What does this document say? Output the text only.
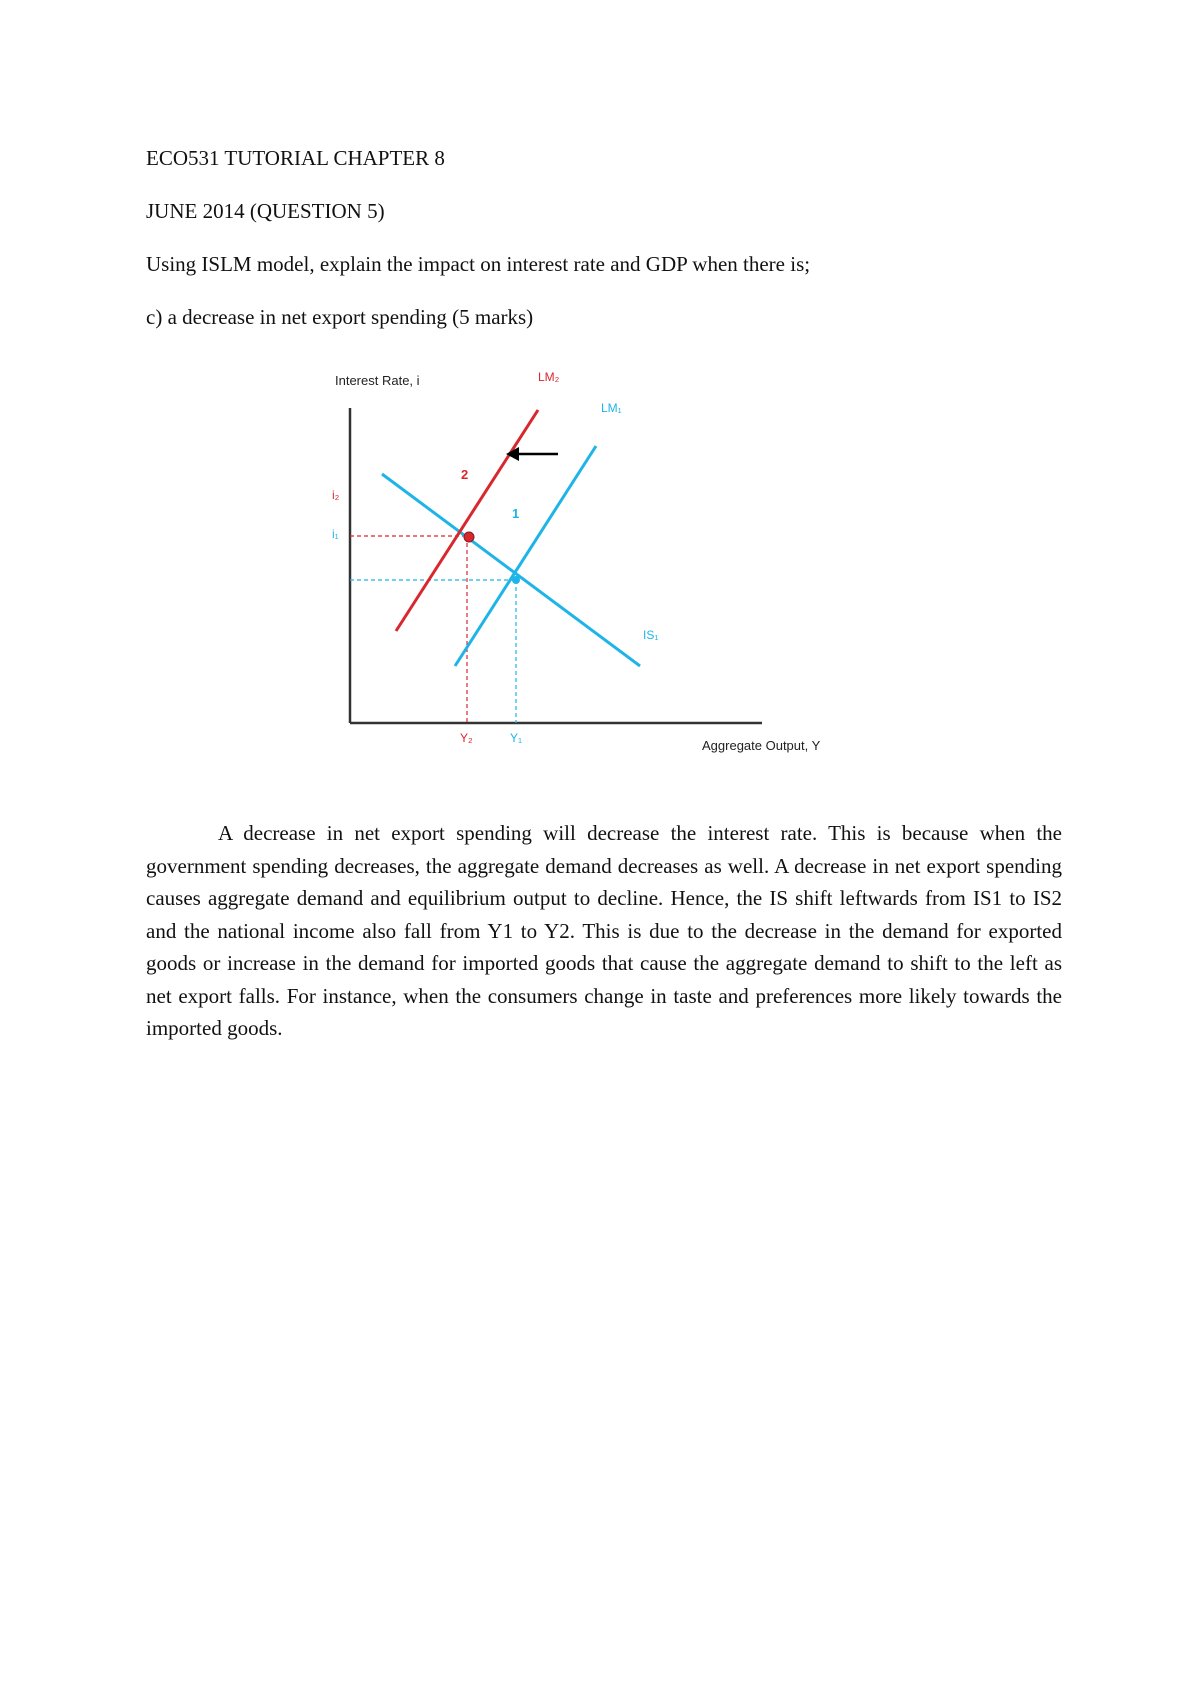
ECO531 TUTORIAL CHAPTER 8

JUNE 2014 (QUESTION 5)

Using ISLM model, explain the impact on interest rate and GDP when there is;

c) a decrease in net export spending (5 marks)

Interest Rate, i
Aggregate Output, Y
LM₂
LM₁
IS₁
2
1
i₂
i₁
Y₂	Y₁

A decrease in net export spending will decrease the interest rate. This is because when the government spending decreases, the aggregate demand decreases as well. A decrease in net export spending causes aggregate demand and equilibrium output to decline. Hence, the IS shift leftwards from IS1 to IS2 and the national income also fall from Y1 to Y2. This is due to the decrease in the demand for exported goods or increase in the demand for imported goods that cause the aggregate demand to shift to the left as net export falls. For instance, when the consumers change in taste and preferences more likely towards the imported goods.
